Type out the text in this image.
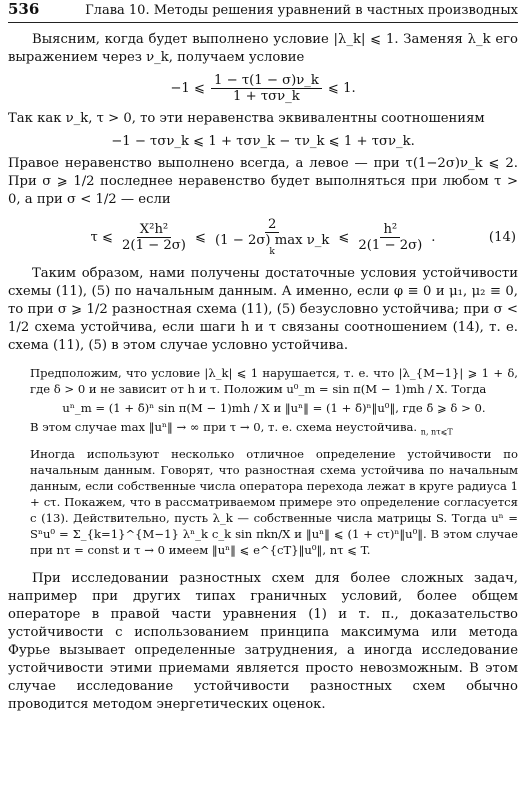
536	Глава 10. Методы решения уравнений в частных производных

Выясним, когда будет выполнено условие |λ_k| ⩽ 1. Заменяя λ_k его выражением через ν_k, получаем условие

−1 ⩽ $\frac{1 - \tau(1 - \sigma)\nu\_k}{\text{1 + τσν\_k}}$ ⩽ 1.

Так как ν_k, τ > 0, то эти неравенства эквивалентны соотношениям

−1 − τσν_k ⩽ 1 + τσν_k − τν_k ⩽ 1 + τσν_k.

Правое неравенство выполнено всегда, а левое — при τ(1−2σ)ν_k ⩽ 2. При σ ⩾ 1/2 последнее неравенство будет выполняться при любом τ > 0, а при σ < 1/2 — если

τ ⩽ $\frac{\text{X²h²}}{2(1 - 2\sigma)}$ ⩽
2
(1 − 2σ) max ν_k
k
⩽ $\frac{\text{h²}}{2(1 - 2\sigma)}$ .	(14)

Таким образом, нами получены достаточные условия устойчивости схемы (11), (5) по начальным данным. А именно, если φ ≡ 0 и μ₁, μ₂ ≡ 0, то при σ ⩾ 1/2 разностная схема (11), (5) безусловно устойчива; при σ < 1/2 схема устойчива, если шаги h и τ связаны соотношением (14), т. е. схема (11), (5) в этом случае условно устойчива.

Предположим, что условие |λ_k| ⩽ 1 нарушается, т. е. что |λ_{M−1}| ⩾ 1 + δ, где δ > 0 и не зависит от h и τ. Положим u⁰_m = sin π(M − 1)mh / X. Тогда

uⁿ_m = (1 + δ̄)ⁿ sin π(M − 1)mh / X и ‖uⁿ‖ = (1 + δ̄)ⁿ‖u⁰‖, где δ̄ ⩾ δ > 0.

В этом случае max ‖uⁿ‖ → ∞ при τ → 0, т. е. схема неустойчива. $_{n, n\tau⩽T}$

Иногда используют несколько отличное определение устойчивости по начальным данным. Говорят, что разностная схема устойчива по начальным данным, если собственные числа оператора перехода лежат в круге радиуса 1 + cτ. Покажем, что в рассматриваемом примере это определение согласуется с (13). Действительно, пусть λ_k — собственные числа матрицы S. Тогда uⁿ = Sⁿu⁰ = Σ_{k=1}^{M−1} λⁿ_k c_k sin πkn/X и ‖uⁿ‖ ⩽ (1 + cτ)ⁿ‖u⁰‖. В этом случае при nτ = const и τ → 0 имеем ‖uⁿ‖ ⩽ e^{cT}‖u⁰‖, nτ ⩽ T.

При исследовании разностных схем для более сложных задач, например при других типах граничных условий, более общем операторе в правой части уравнения (1) и т. п., доказательство устойчивости с использованием принципа максимума или метода Фурье вызывает определенные затруднения, а иногда исследование устойчивости этими приемами является просто невозможным. В этом случае исследование устойчивости разностных схем обычно проводится методом энергетических оценок.
